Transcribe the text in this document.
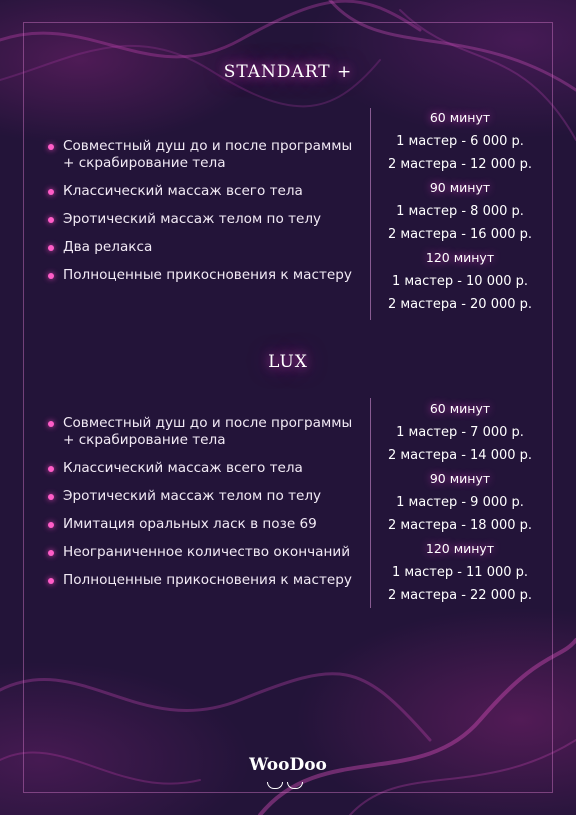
STANDART +
Совместный душ до и после программы + скрабирование тела
Классический массаж всего тела
Эротический массаж телом по телу
Два релакса
Полноценные прикосновения к мастеру
60 минут
1 мастер - 6 000 р.
2 мастера - 12 000 р.
90 минут
1 мастер - 8 000 р.
2 мастера - 16 000 р.
120 минут
1 мастер - 10 000 р.
2 мастера - 20 000 р.
LUX
Совместный душ до и после программы + скрабирование тела
Классический массаж всего тела
Эротический массаж телом по телу
Имитация оральных ласк в позе 69
Неограниченное количество окончаний
Полноценные прикосновения к мастеру
60 минут
1 мастер - 7 000 р.
2 мастера - 14 000 р.
90 минут
1 мастер - 9 000 р.
2 мастера - 18 000 р.
120 минут
1 мастер - 11 000 р.
2 мастера - 22 000 р.
WooDoo
